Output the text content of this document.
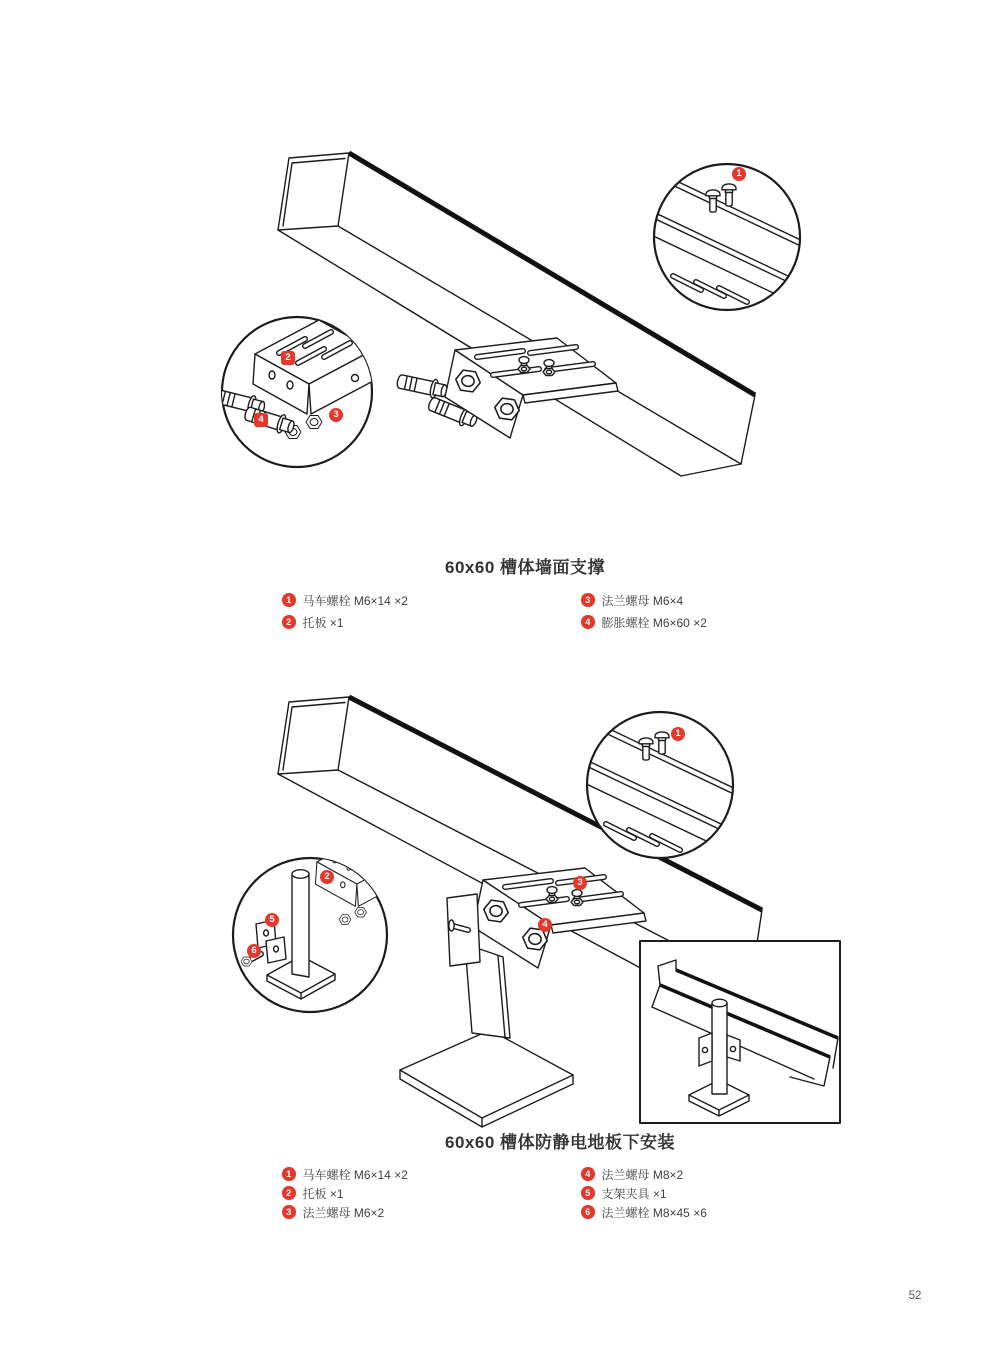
1
2
3
4
1
2
3
4
5
6
60x60 槽体墙面支撑
60x60 槽体防静电地板下安装
1 马车螺栓 M6×14 ×2
2 托板 ×1
3 法兰螺母 M6×4
4 膨胀螺栓 M6×60 ×2
1 马车螺栓 M6×14 ×2
2 托板 ×1
3 法兰螺母 M6×2
4 法兰螺母 M8×2
5 支架夹具 ×1
6 法兰螺栓 M8×45 ×6
52
